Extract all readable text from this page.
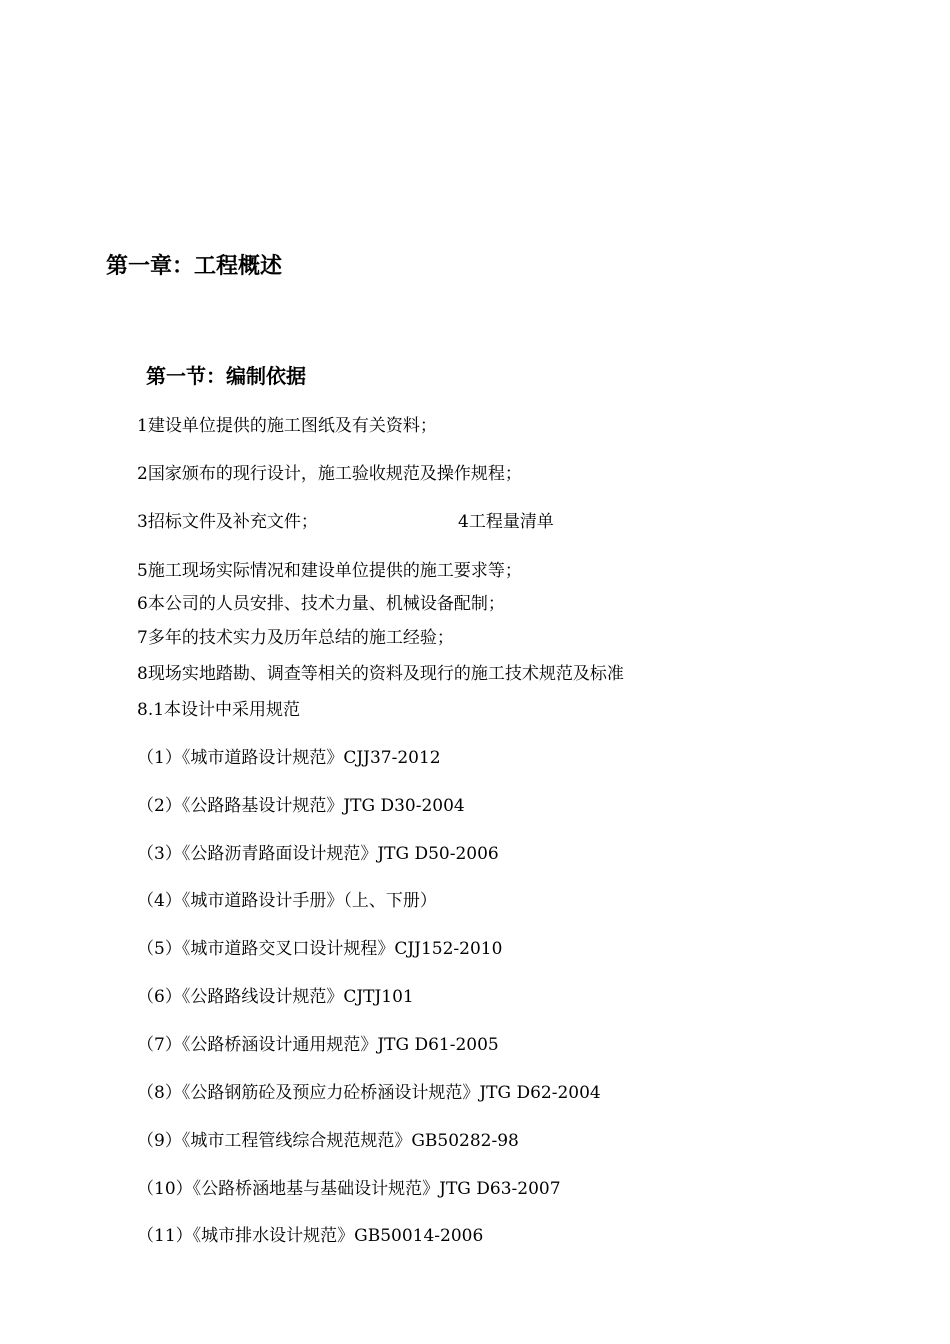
第一章：工程概述
第一节：编制依据

1建设单位提供的施工图纸及有关资料；

2国家颁布的现行设计，施工验收规范及操作规程；

3招标文件及补充文件；	4工程量清单

5施工现场实际情况和建设单位提供的施工要求等；

6本公司的人员安排、技术力量、机械设备配制；

7多年的技术实力及历年总结的施工经验；

8现场实地踏勘、调查等相关的资料及现行的施工技术规范及标准

8.1本设计中采用规范

（1）《城市道路设计规范》CJJ37-2012

（2）《公路路基设计规范》JTG D30-2004

（3）《公路沥青路面设计规范》JTG D50-2006

（4）《城市道路设计手册》（上、下册）

（5）《城市道路交叉口设计规程》CJJ152-2010

（6）《公路路线设计规范》CJTJ101

（7）《公路桥涵设计通用规范》JTG D61-2005

（8）《公路钢筋砼及预应力砼桥涵设计规范》JTG D62-2004

（9）《城市工程管线综合规范规范》GB50282-98

（10）《公路桥涵地基与基础设计规范》JTG D63-2007

（11）《城市排水设计规范》GB50014-2006
